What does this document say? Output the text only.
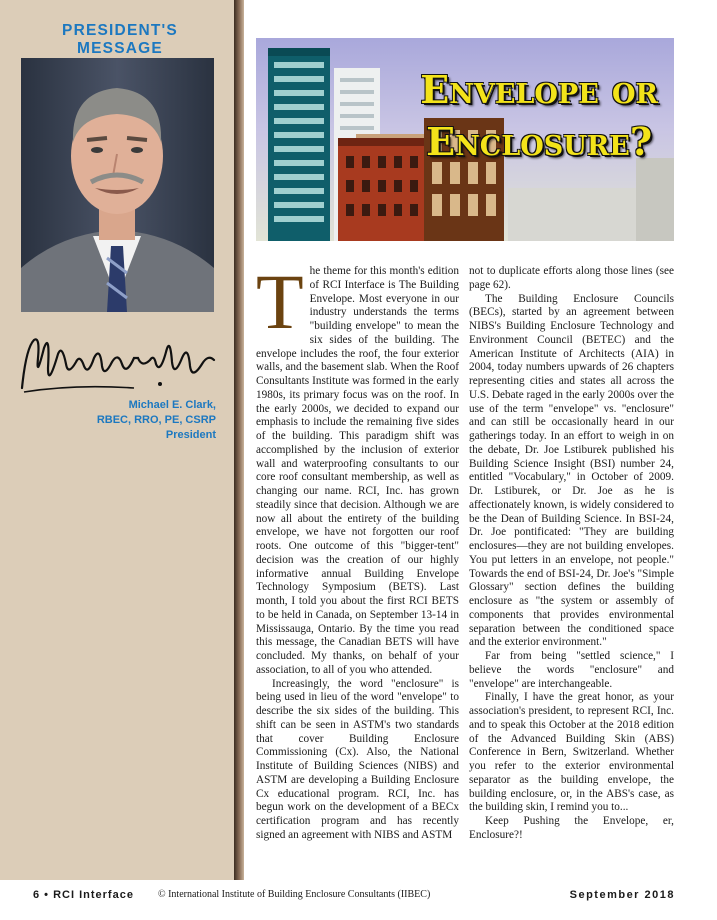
PRESIDENT'S MESSAGE
Michael E. Clark,
RBEC, RRO, PE, CSRP
President
Envelope or
Enclosure?

The theme for this month's edition of RCI Interface is The Building Envelope. Most everyone in our industry understands the terms "building envelope" to mean the six sides of the building. The envelope includes the roof, the four exterior walls, and the basement slab. When the Roof Consultants Institute was formed in the early 1980s, its primary focus was on the roof. In the early 2000s, we decided to expand our emphasis to include the remaining five sides of the building. This paradigm shift was accomplished by the inclusion of exterior wall and waterproofing consultants to our core roof consultant membership, as well as changing our name. RCI, Inc. has grown steadily since that decision. Although we are now all about the entirety of the building envelope, we have not forgotten our roof roots. One outcome of this "bigger-tent" decision was the creation of our highly informative annual Building Envelope Technology Symposium (BETS). Last month, I told you about the first RCI BETS to be held in Canada, on September 13-14 in Mississauga, Ontario. By the time you read this message, the Canadian BETS will have concluded. My thanks, on behalf of your association, to all of you who attended.

Increasingly, the word "enclosure" is being used in lieu of the word "envelope" to describe the six sides of the building. This shift can be seen in ASTM's two standards that cover Building Enclosure Commissioning (Cx). Also, the National Institute of Building Sciences (NIBS) and ASTM are developing a Building Enclosure Cx educational program. RCI, Inc. has begun work on the development of a BECx certification program and has recently signed an agreement with NIBS and ASTM

not to duplicate efforts along those lines (see page 62).

The Building Enclosure Councils (BECs), started by an agreement between NIBS's Building Enclosure Technology and Environment Council (BETEC) and the American Institute of Architects (AIA) in 2004, today numbers upwards of 26 chapters representing cities and states all across the U.S. Debate raged in the early 2000s over the use of the term "envelope" vs. "enclosure" and can still be occasionally heard in our gatherings today. In an effort to weigh in on the debate, Dr. Joe Lstiburek published his Building Science Insight (BSI) number 24, entitled "Vocabulary," in October of 2009. Dr. Lstiburek, or Dr. Joe as he is affectionately known, is widely considered to be the Dean of Building Science. In BSI-24, Dr. Joe pontificated: "They are building enclosures—they are not building envelopes. You put letters in an envelope, not people." Towards the end of BSI-24, Dr. Joe's "Simple Glossary" section defines the building enclosure as "the system or assembly of components that provides environmental separation between the conditioned space and the exterior environment."

Far from being "settled science," I believe the words "enclosure" and "envelope" are interchangeable.

Finally, I have the great honor, as your association's president, to represent RCI, Inc. and to speak this October at the 2018 edition of the Advanced Building Skin (ABS) Conference in Bern, Switzerland. Whether you refer to the exterior environmental separator as the building envelope, the building enclosure, or, in the ABS's case, as the building skin, I remind you to...

Keep Pushing the Envelope, er, Enclosure?!

6 • RCI Interface © International Institute of Building Enclosure Consultants (IIBEC)	September 2018
